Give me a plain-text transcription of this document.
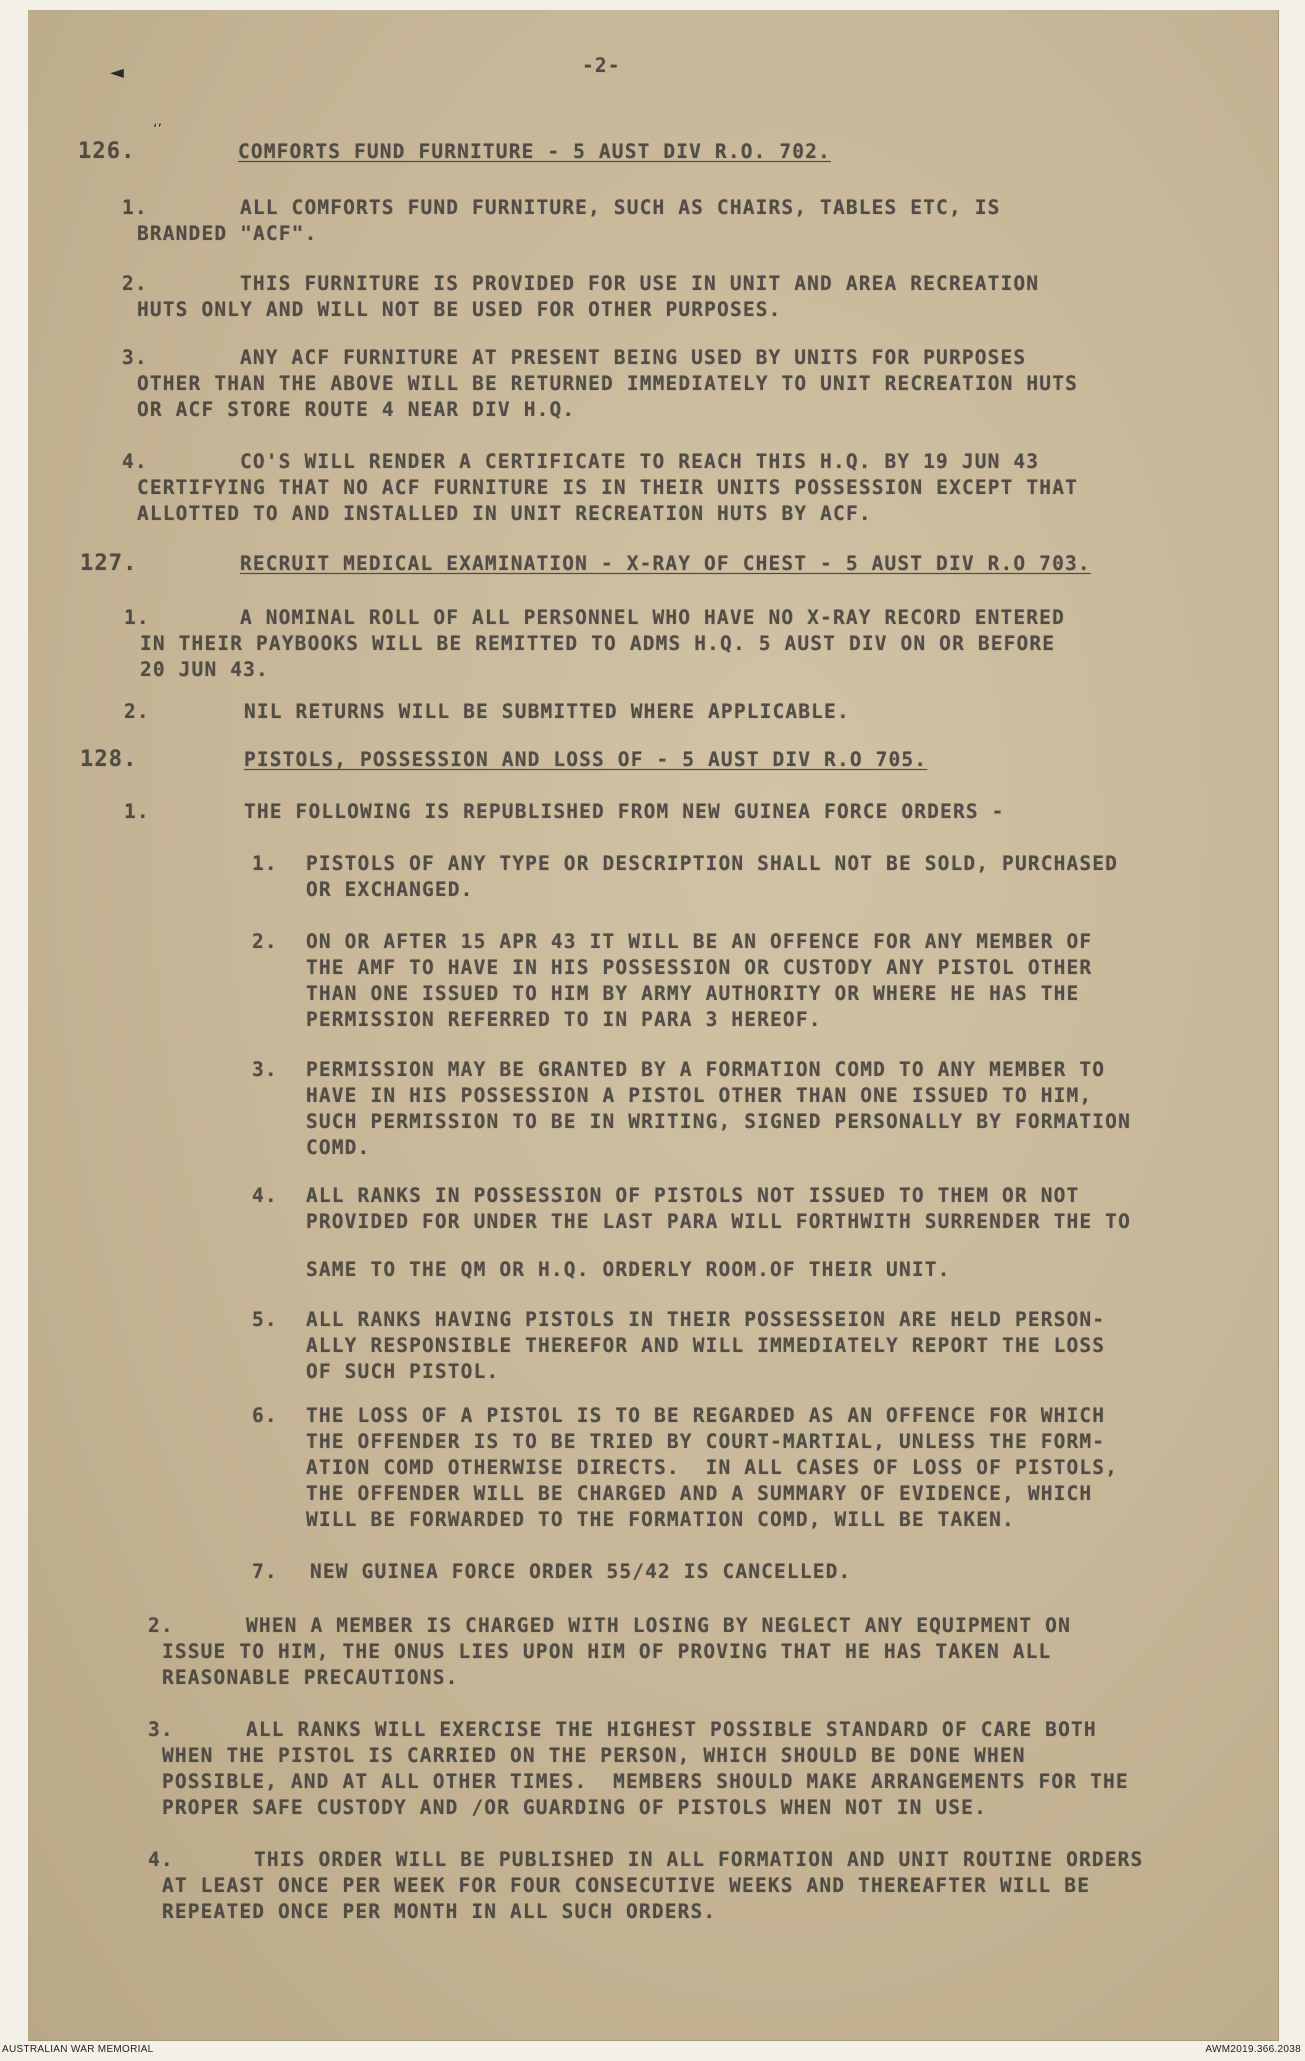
◄
‘’
-2-
126.	COMFORTS FUND FURNITURE - 5 AUST DIV R.O. 702.
1.	ALL COMFORTS FUND FURNITURE, SUCH AS CHAIRS, TABLES ETC, IS
BRANDED "ACF".
2.	THIS FURNITURE IS PROVIDED FOR USE IN UNIT AND AREA RECREATION
HUTS ONLY AND WILL NOT BE USED FOR OTHER PURPOSES.
3.	ANY ACF FURNITURE AT PRESENT BEING USED BY UNITS FOR PURPOSES
OTHER THAN THE ABOVE WILL BE RETURNED IMMEDIATELY TO UNIT RECREATION HUTS
OR ACF STORE ROUTE 4 NEAR DIV H.Q.
4.	CO'S WILL RENDER A CERTIFICATE TO REACH THIS H.Q. BY 19 JUN 43
CERTIFYING THAT NO ACF FURNITURE IS IN THEIR UNITS POSSESSION EXCEPT THAT
ALLOTTED TO AND INSTALLED IN UNIT RECREATION HUTS BY ACF.
127.	RECRUIT MEDICAL EXAMINATION - X-RAY OF CHEST - 5 AUST DIV R.O 703.
1.	A NOMINAL ROLL OF ALL PERSONNEL WHO HAVE NO X-RAY RECORD ENTERED
IN THEIR PAYBOOKS WILL BE REMITTED TO ADMS H.Q. 5 AUST DIV ON OR BEFORE
20 JUN 43.
2.	NIL RETURNS WILL BE SUBMITTED WHERE APPLICABLE.
128.	PISTOLS, POSSESSION AND LOSS OF - 5 AUST DIV R.O 705.
1.	THE FOLLOWING IS REPUBLISHED FROM NEW GUINEA FORCE ORDERS -
1. PISTOLS OF ANY TYPE OR DESCRIPTION SHALL NOT BE SOLD, PURCHASED
OR EXCHANGED.
2. ON OR AFTER 15 APR 43 IT WILL BE AN OFFENCE FOR ANY MEMBER OF
THE AMF TO HAVE IN HIS POSSESSION OR CUSTODY ANY PISTOL OTHER
THAN ONE ISSUED TO HIM BY ARMY AUTHORITY OR WHERE HE HAS THE
PERMISSION REFERRED TO IN PARA 3 HEREOF.
3. PERMISSION MAY BE GRANTED BY A FORMATION COMD TO ANY MEMBER TO
HAVE IN HIS POSSESSION A PISTOL OTHER THAN ONE ISSUED TO HIM,
SUCH PERMISSION TO BE IN WRITING, SIGNED PERSONALLY BY FORMATION
COMD.
4. ALL RANKS IN POSSESSION OF PISTOLS NOT ISSUED TO THEM OR NOT
PROVIDED FOR UNDER THE LAST PARA WILL FORTHWITH SURRENDER THE TO
SAME TO THE QM OR H.Q. ORDERLY ROOM.OF THEIR UNIT.
5. ALL RANKS HAVING PISTOLS IN THEIR POSSESSEION ARE HELD PERSON-
ALLY RESPONSIBLE THEREFOR AND WILL IMMEDIATELY REPORT THE LOSS
OF SUCH PISTOL.
6. THE LOSS OF A PISTOL IS TO BE REGARDED AS AN OFFENCE FOR WHICH
THE OFFENDER IS TO BE TRIED BY COURT-MARTIAL, UNLESS THE FORM-
ATION COMD OTHERWISE DIRECTS.  IN ALL CASES OF LOSS OF PISTOLS,
THE OFFENDER WILL BE CHARGED AND A SUMMARY OF EVIDENCE, WHICH
WILL BE FORWARDED TO THE FORMATION COMD, WILL BE TAKEN.
7. NEW GUINEA FORCE ORDER 55/42 IS CANCELLED.
2.	WHEN A MEMBER IS CHARGED WITH LOSING BY NEGLECT ANY EQUIPMENT ON
ISSUE TO HIM, THE ONUS LIES UPON HIM OF PROVING THAT HE HAS TAKEN ALL
REASONABLE PRECAUTIONS.
3.	ALL RANKS WILL EXERCISE THE HIGHEST POSSIBLE STANDARD OF CARE BOTH
WHEN THE PISTOL IS CARRIED ON THE PERSON, WHICH SHOULD BE DONE WHEN
POSSIBLE, AND AT ALL OTHER TIMES.  MEMBERS SHOULD MAKE ARRANGEMENTS FOR THE
PROPER SAFE CUSTODY AND /OR GUARDING OF PISTOLS WHEN NOT IN USE.
4.	THIS ORDER WILL BE PUBLISHED IN ALL FORMATION AND UNIT ROUTINE ORDERS
AT LEAST ONCE PER WEEK FOR FOUR CONSECUTIVE WEEKS AND THEREAFTER WILL BE
REPEATED ONCE PER MONTH IN ALL SUCH ORDERS.
AUSTRALIAN WAR MEMORIAL	AWM2019.366.2038
